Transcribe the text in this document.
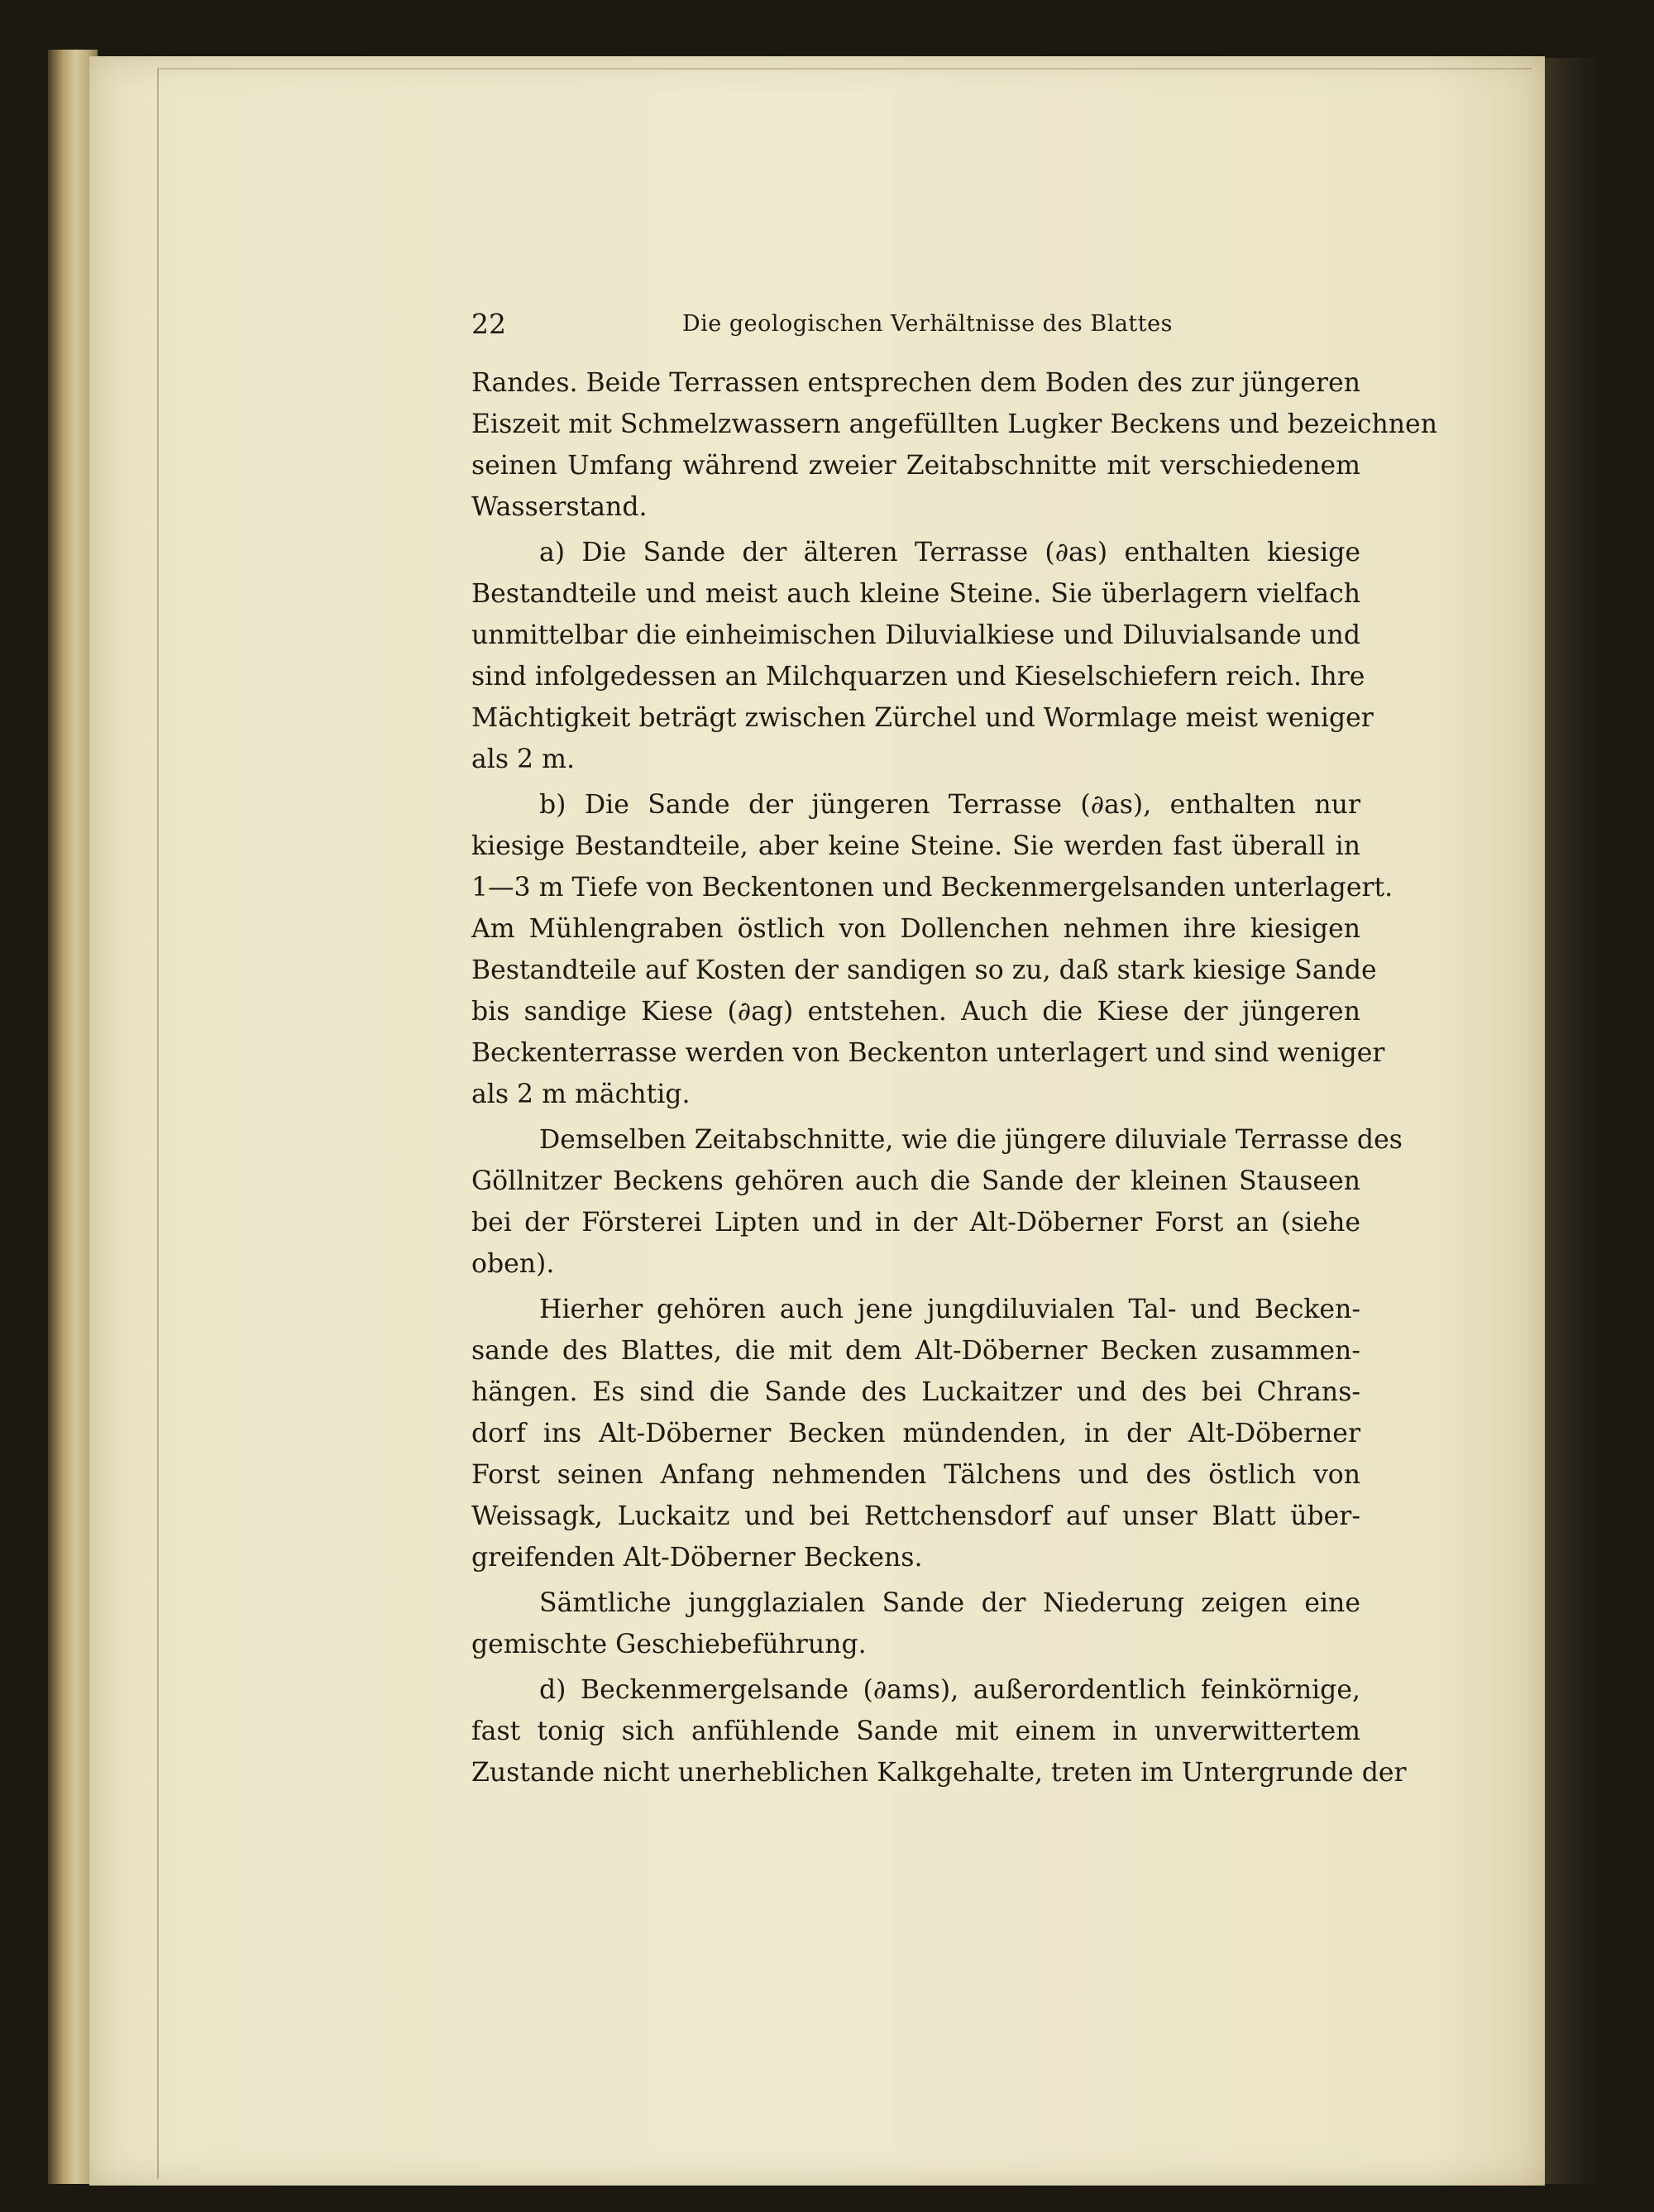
22	Die geologischen Verhältnisse des Blattes
Randes. Beide Terrassen entsprechen dem Boden des zur jüngeren
Eiszeit mit Schmelzwassern angefüllten Lugker Beckens und bezeichnen
seinen Umfang während zweier Zeitabschnitte mit verschiedenem
Wasserstand.
a) Die Sande der älteren Terrasse (∂as) enthalten kiesige
Bestandteile und meist auch kleine Steine. Sie überlagern vielfach
unmittelbar die einheimischen Diluvialkiese und Diluvialsande und
sind infolgedessen an Milchquarzen und Kieselschiefern reich. Ihre
Mächtigkeit beträgt zwischen Zürchel und Wormlage meist weniger
als 2 m.
b) Die Sande der jüngeren Terrasse (∂as), enthalten nur
kiesige Bestandteile, aber keine Steine. Sie werden fast überall in
1—3 m Tiefe von Beckentonen und Beckenmergelsanden unterlagert.
Am Mühlengraben östlich von Dollenchen nehmen ihre kiesigen
Bestandteile auf Kosten der sandigen so zu, daß stark kiesige Sande
bis sandige Kiese (∂ag) entstehen. Auch die Kiese der jüngeren
Beckenterrasse werden von Beckenton unterlagert und sind weniger
als 2 m mächtig.
Demselben Zeitabschnitte, wie die jüngere diluviale Terrasse des
Göllnitzer Beckens gehören auch die Sande der kleinen Stauseen
bei der Försterei Lipten und in der Alt-Döberner Forst an (siehe
oben).
Hierher gehören auch jene jungdiluvialen Tal- und Becken-
sande des Blattes, die mit dem Alt-Döberner Becken zusammen-
hängen. Es sind die Sande des Luckaitzer und des bei Chrans-
dorf ins Alt-Döberner Becken mündenden, in der Alt-Döberner
Forst seinen Anfang nehmenden Tälchens und des östlich von
Weissagk, Luckaitz und bei Rettchensdorf auf unser Blatt über-
greifenden Alt-Döberner Beckens.
Sämtliche jungglazialen Sande der Niederung zeigen eine
gemischte Geschiebeführung.
d) Beckenmergelsande (∂ams), außerordentlich feinkörnige,
fast tonig sich anfühlende Sande mit einem in unverwittertem
Zustande nicht unerheblichen Kalkgehalte, treten im Untergrunde der
